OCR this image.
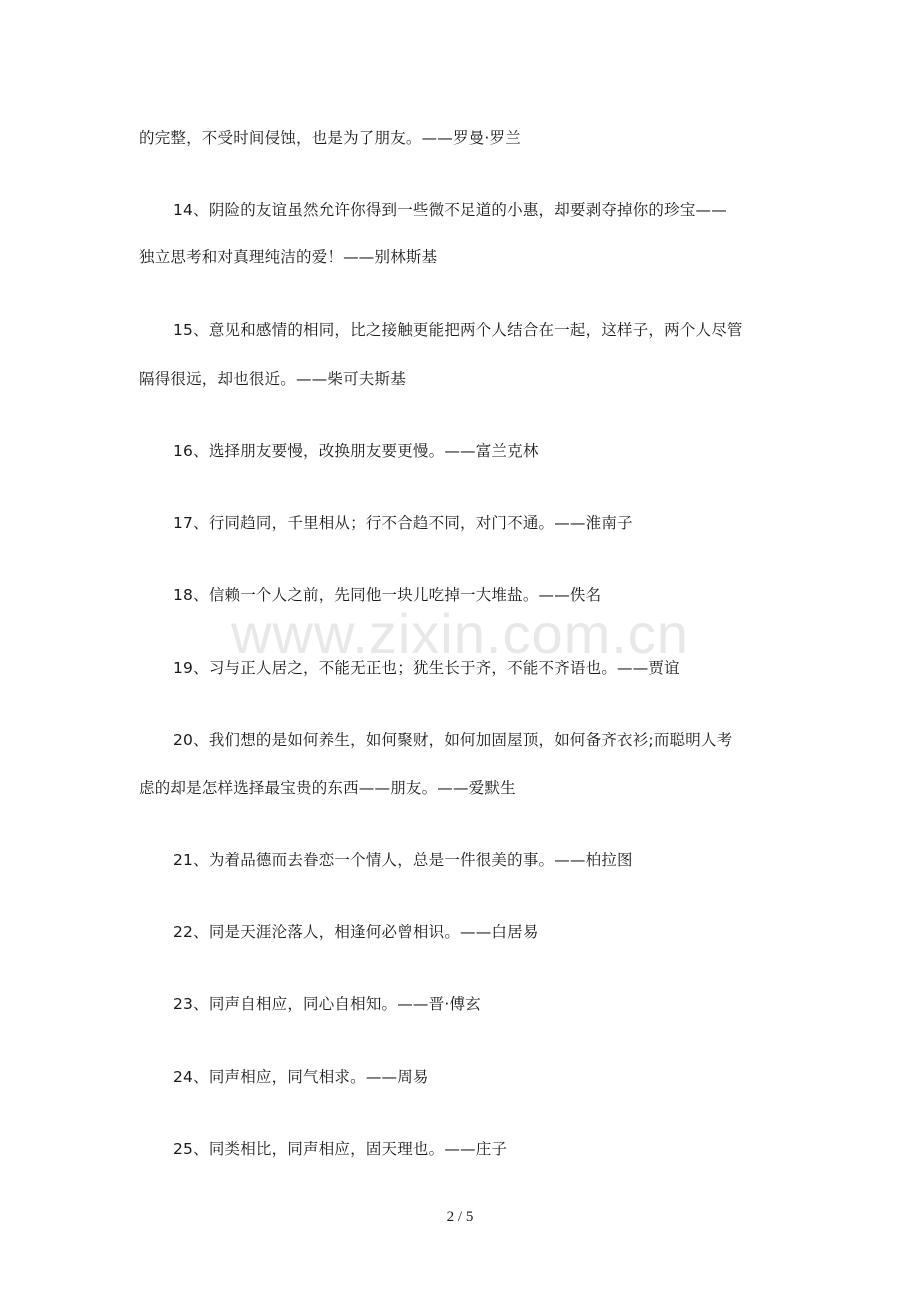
的完整，不受时间侵蚀，也是为了朋友。——罗曼·罗兰
14、阴险的友谊虽然允许你得到一些微不足道的小惠，却要剥夺掉你的珍宝——
独立思考和对真理纯洁的爱！——别林斯基
15、意见和感情的相同，比之接触更能把两个人结合在一起，这样子，两个人尽管
隔得很远，却也很近。——柴可夫斯基
16、选择朋友要慢，改换朋友要更慢。——富兰克林
17、行同趋同，千里相从；行不合趋不同，对门不通。——淮南子
18、信赖一个人之前，先同他一块儿吃掉一大堆盐。——佚名
www.zixin.com.cn
19、习与正人居之，不能无正也；犹生长于齐，不能不齐语也。——贾谊
20、我们想的是如何养生，如何聚财，如何加固屋顶，如何备齐衣衫;而聪明人考
虑的却是怎样选择最宝贵的东西——朋友。——爱默生
21、为着品德而去眷恋一个情人，总是一件很美的事。——柏拉图
22、同是天涯沦落人，相逢何必曾相识。——白居易
23、同声自相应，同心自相知。——晋·傅玄
24、同声相应，同气相求。——周易
25、同类相比，同声相应，固天理也。——庄子
2 / 5
